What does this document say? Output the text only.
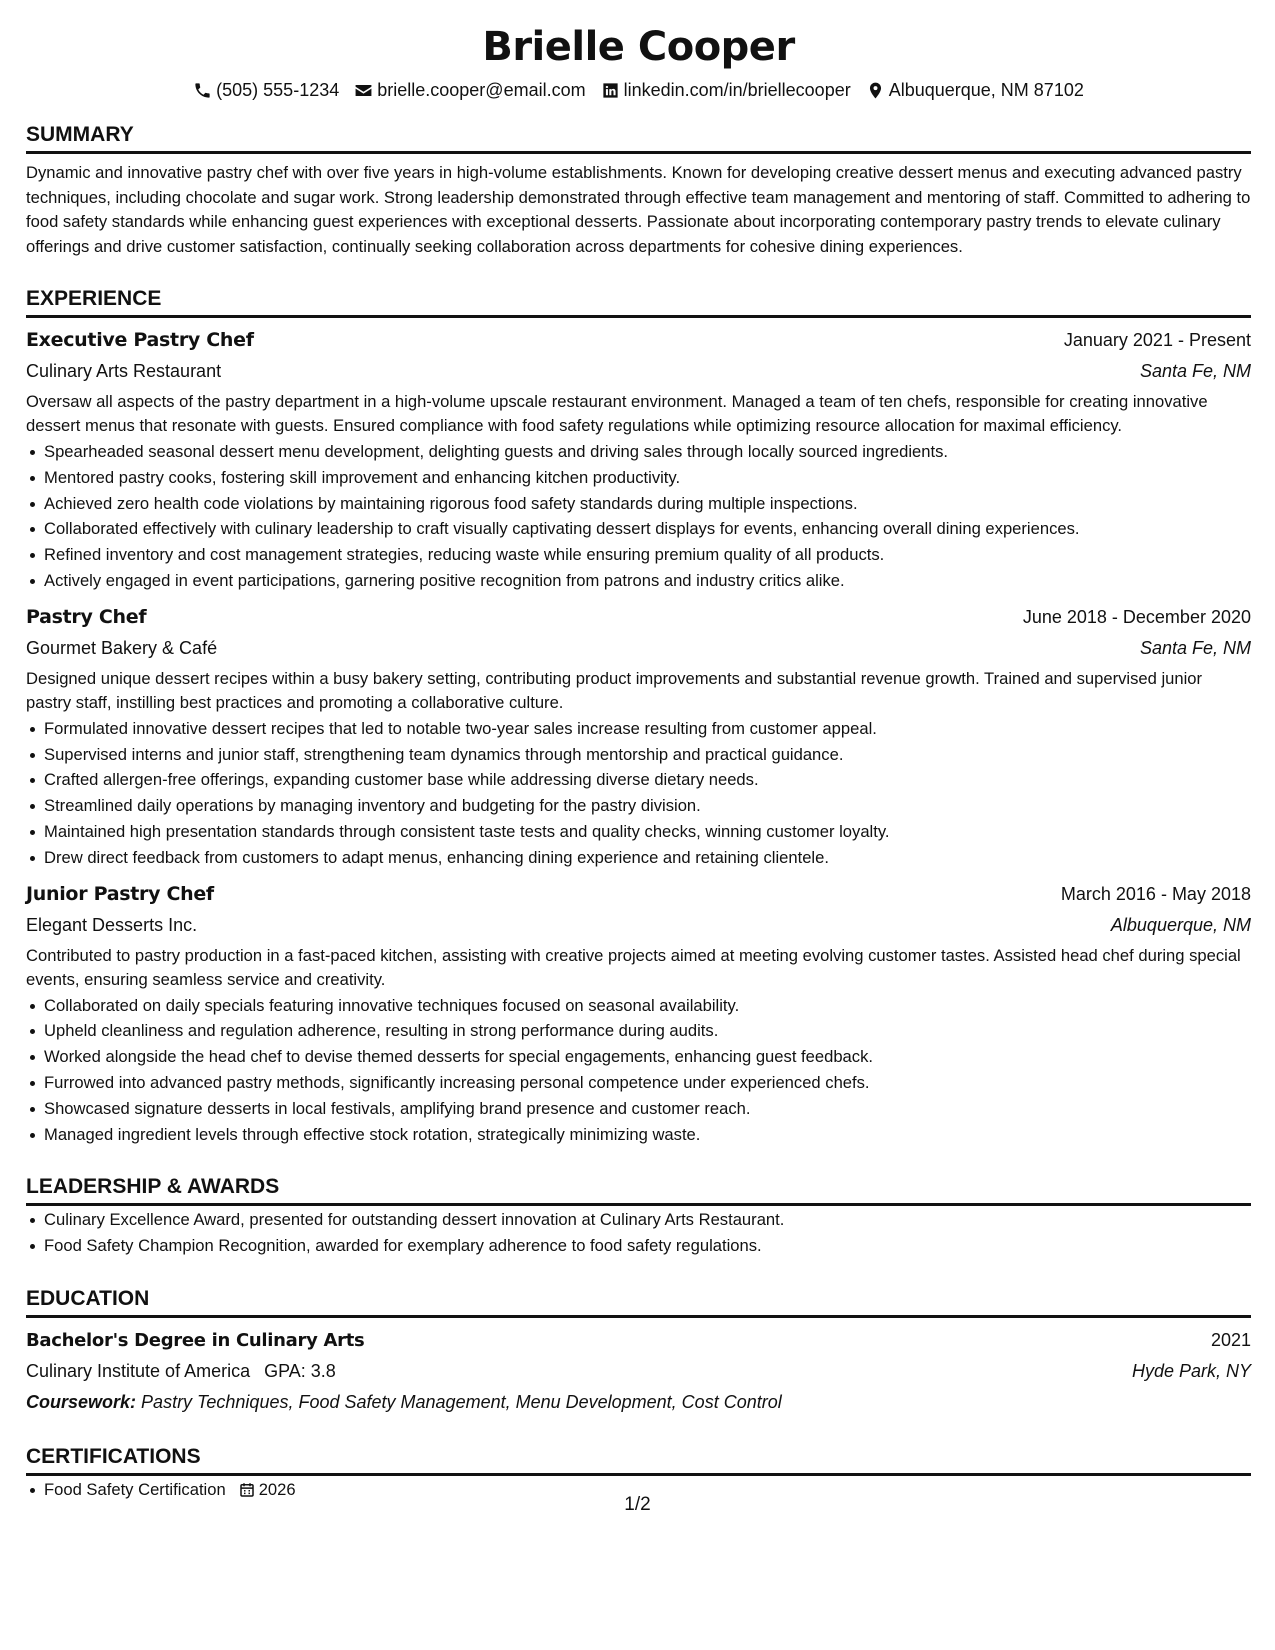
Brielle Cooper
(505) 555-1234 brielle.cooper@email.com linkedin.com/in/briellecooper Albuquerque, NM 87102
SUMMARY

Dynamic and innovative pastry chef with over five years in high-volume establishments. Known for developing creative dessert menus and executing advanced pastry techniques, including chocolate and sugar work. Strong leadership demonstrated through effective team management and mentoring of staff. Committed to adhering to food safety standards while enhancing guest experiences with exceptional desserts. Passionate about incorporating contemporary pastry trends to elevate culinary offerings and drive customer satisfaction, continually seeking collaboration across departments for cohesive dining experiences.

EXPERIENCE
Executive Pastry Chef	January 2021 - Present
Culinary Arts Restaurant	Santa Fe, NM

Oversaw all aspects of the pastry department in a high-volume upscale restaurant environment. Managed a team of ten chefs, responsible for creating innovative dessert menus that resonate with guests. Ensured compliance with food safety regulations while optimizing resource allocation for maximal efficiency.

Spearheaded seasonal dessert menu development, delighting guests and driving sales through locally sourced ingredients.
Mentored pastry cooks, fostering skill improvement and enhancing kitchen productivity.
Achieved zero health code violations by maintaining rigorous food safety standards during multiple inspections.
Collaborated effectively with culinary leadership to craft visually captivating dessert displays for events, enhancing overall dining experiences.
Refined inventory and cost management strategies, reducing waste while ensuring premium quality of all products.
Actively engaged in event participations, garnering positive recognition from patrons and industry critics alike.
Pastry Chef	June 2018 - December 2020
Gourmet Bakery & Café	Santa Fe, NM

Designed unique dessert recipes within a busy bakery setting, contributing product improvements and substantial revenue growth. Trained and supervised junior pastry staff, instilling best practices and promoting a collaborative culture.

Formulated innovative dessert recipes that led to notable two-year sales increase resulting from customer appeal.
Supervised interns and junior staff, strengthening team dynamics through mentorship and practical guidance.
Crafted allergen-free offerings, expanding customer base while addressing diverse dietary needs.
Streamlined daily operations by managing inventory and budgeting for the pastry division.
Maintained high presentation standards through consistent taste tests and quality checks, winning customer loyalty.
Drew direct feedback from customers to adapt menus, enhancing dining experience and retaining clientele.
Junior Pastry Chef	March 2016 - May 2018
Elegant Desserts Inc.	Albuquerque, NM

Contributed to pastry production in a fast-paced kitchen, assisting with creative projects aimed at meeting evolving customer tastes. Assisted head chef during special events, ensuring seamless service and creativity.

Collaborated on daily specials featuring innovative techniques focused on seasonal availability.
Upheld cleanliness and regulation adherence, resulting in strong performance during audits.
Worked alongside the head chef to devise themed desserts for special engagements, enhancing guest feedback.
Furrowed into advanced pastry methods, significantly increasing personal competence under experienced chefs.
Showcased signature desserts in local festivals, amplifying brand presence and customer reach.
Managed ingredient levels through effective stock rotation, strategically minimizing waste.
LEADERSHIP & AWARDS
Culinary Excellence Award, presented for outstanding dessert innovation at Culinary Arts Restaurant.
Food Safety Champion Recognition, awarded for exemplary adherence to food safety regulations.
EDUCATION
Bachelor's Degree in Culinary Arts	2021
Culinary Institute of America GPA: 3.8	Hyde Park, NY
Coursework: Pastry Techniques, Food Safety Management, Menu Development, Cost Control
CERTIFICATIONS
Food Safety Certification 2026
1/2
